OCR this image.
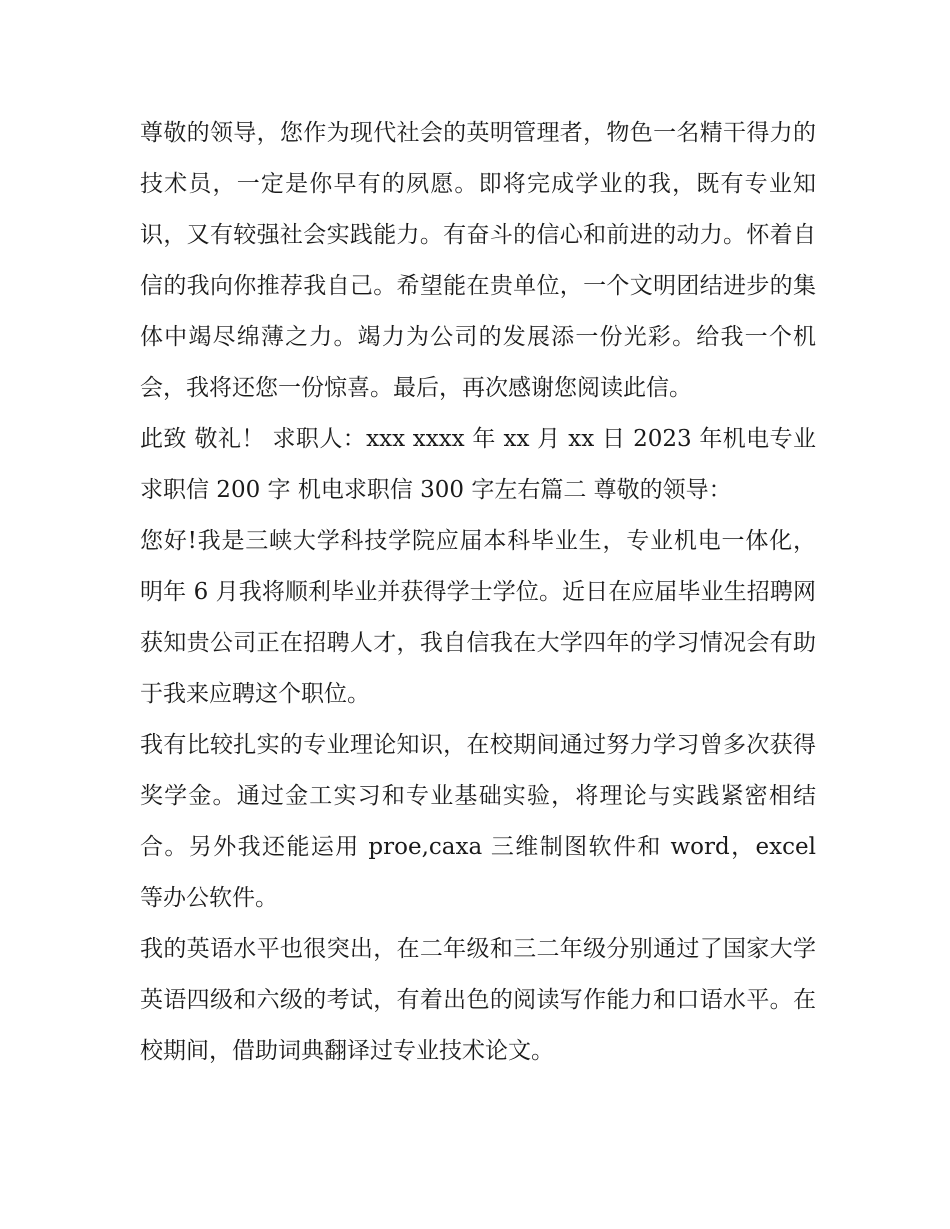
尊敬的领导，您作为现代社会的英明管理者，物色一名精干得力的技术员，一定是你早有的夙愿。即将完成学业的我，既有专业知识，又有较强社会实践能力。有奋斗的信心和前进的动力。怀着自信的我向你推荐我自己。希望能在贵单位，一个文明团结进步的集体中竭尽绵薄之力。竭力为公司的发展添一份光彩。给我一个机会，我将还您一份惊喜。最后，再次感谢您阅读此信。

此致 敬礼！ 求职人：xxx xxxx 年 xx 月 xx 日 2023 年机电专业求职信 200 字 机电求职信 300 字左右篇二 尊敬的领导：

您好!我是三峡大学科技学院应届本科毕业生，专业机电一体化，明年 6 月我将顺利毕业并获得学士学位。近日在应届毕业生招聘网获知贵公司正在招聘人才，我自信我在大学四年的学习情况会有助于我来应聘这个职位。

我有比较扎实的专业理论知识，在校期间通过努力学习曾多次获得奖学金。通过金工实习和专业基础实验，将理论与实践紧密相结合。另外我还能运用 proe,caxa 三维制图软件和 word，excel 等办公软件。

我的英语水平也很突出，在二年级和三二年级分别通过了国家大学英语四级和六级的考试，有着出色的阅读写作能力和口语水平。在校期间，借助词典翻译过专业技术论文。
